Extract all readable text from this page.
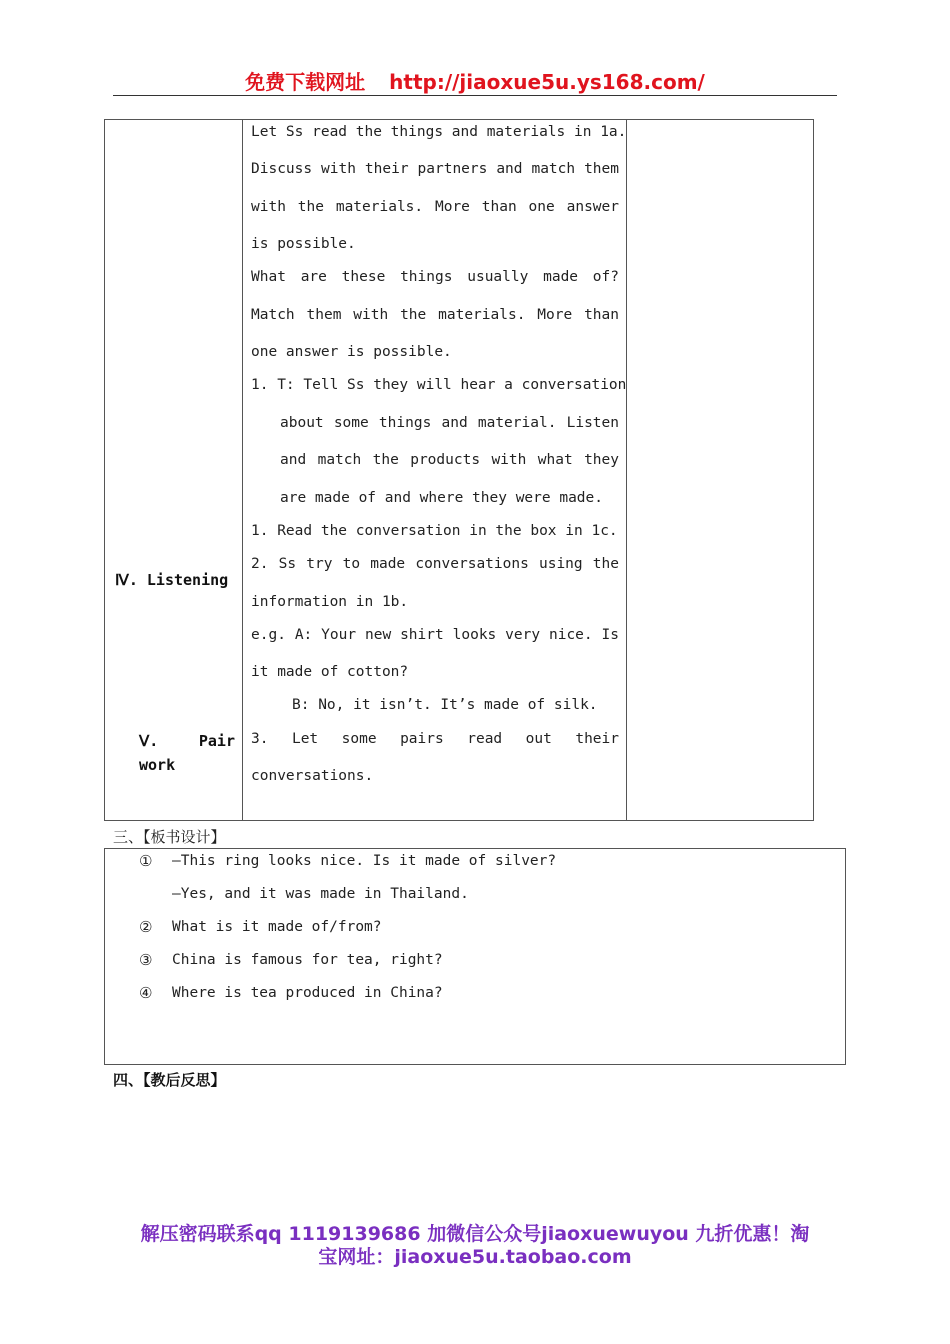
免费下载网址 http://jiaoxue5u.ys168.com/
Ⅳ. Listening
Ⅴ.	Pair
work
Let Ss read the things and materials in 1a.
Discuss with their partners and match them
with the materials. More than one answer
is possible.
What are these things usually made of?
Match them with the materials. More than
one answer is possible.
1. T: Tell Ss they will hear a conversation
about some things and material. Listen
and match the products with what they
are made of and where they were made.
1. Read the conversation in the box in 1c.
2. Ss try to made conversations using the
information in 1b.
e.g. A: Your new shirt looks very nice. Is
it made of cotton?
B: No, it isn’t. It’s made of silk.
3. Let some pairs read out their
conversations.
三、【板书设计】
① —This ring looks nice. Is it made of silver?
—Yes, and it was made in Thailand.
② What is it made of/from?
③ China is famous for tea, right?
④ Where is tea produced in China?
四、【教后反思】
解压密码联系qq 1119139686 加微信公众号jiaoxuewuyou 九折优惠！淘
宝网址：jiaoxue5u.taobao.com
